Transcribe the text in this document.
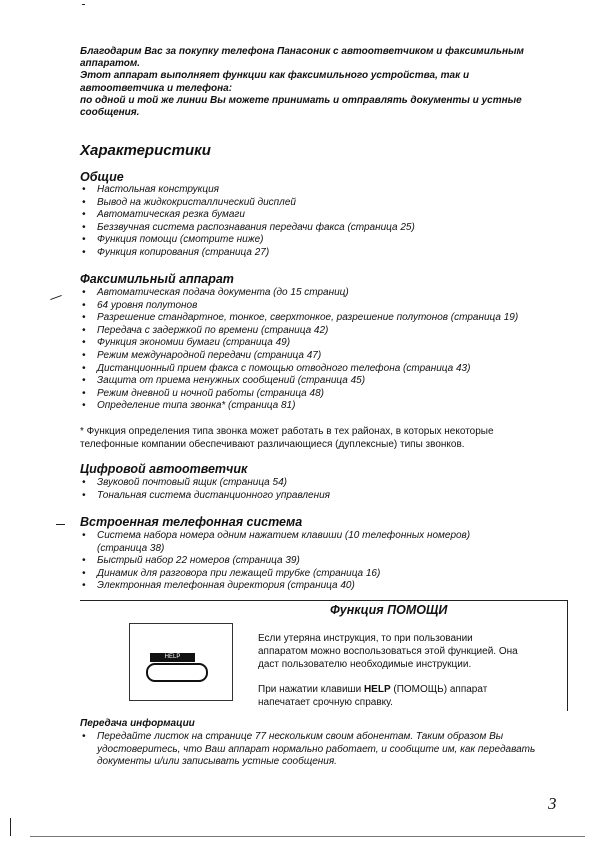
Благодарим Вас за покупку телефона Панасоник с автоответчиком и факсимильным

аппаратом.

Этот аппарат выполняет функции как факсимильного устройства, так и

автоответчика и телефона:

по одной и той же линии Вы можете принимать и отправлять документы и устные

сообщения.

Характеристики
Общие
• Настольная конструкция
• Вывод на жидкокристаллический дисплей
• Автоматическая резка бумаги
• Беззвучная система распознавания передачи факса (страница 25)
• Функция помощи (смотрите ниже)
• Функция копирования (страница 27)
Факсимильный аппарат
• Автоматическая подача документа (до 15 страниц)
• 64 уровня полутонов
• Разрешение стандартное, тонкое, сверхтонкое, разрешение полутонов (страница 19)
• Передача с задержкой по времени (страница 42)
• Функция экономии бумаги (страница 49)
• Режим международной передачи (страница 47)
• Дистанционный прием факса с помощью отводного телефона (страница 43)
• Защита от приема ненужных сообщений (страница 45)
• Режим дневной и ночной работы (страница 48)
• Определение типа звонка* (страница 81)
* Функция определения типа звонка может работать в тех районах, в которых некоторые
телефонные компании обеспечивают различающиеся (дуплексные) типы звонков.
Цифровой автоответчик
• Звуковой почтовый ящик (страница 54)
• Тональная система дистанционного управления
Встроенная телефонная система
• Система набора номера одним нажатием клавиши (10 телефонных номеров)
(страница 38)
• Быстрый набор 22 номеров (страница 39)
• Динамик для разговора при лежащей трубке (страница 16)
• Электронная телефонная директория (страница 40)
Функция ПОМОЩИ
HELP
Если утеряна инструкция, то при пользовании
аппаратом можно воспользоваться этой функцией. Она
даст пользователю необходимые инструкции.
При нажатии клавиши HELP (ПОМОЩЬ) аппарат
напечатает срочную справку.
Передача информации
• Передайте листок на странице 77 нескольким своим абонентам. Таким образом Вы
удостоверитесь, что Ваш аппарат нормально работает, и сообщите им, как передавать
документы и/или записывать устные сообщения.
3
